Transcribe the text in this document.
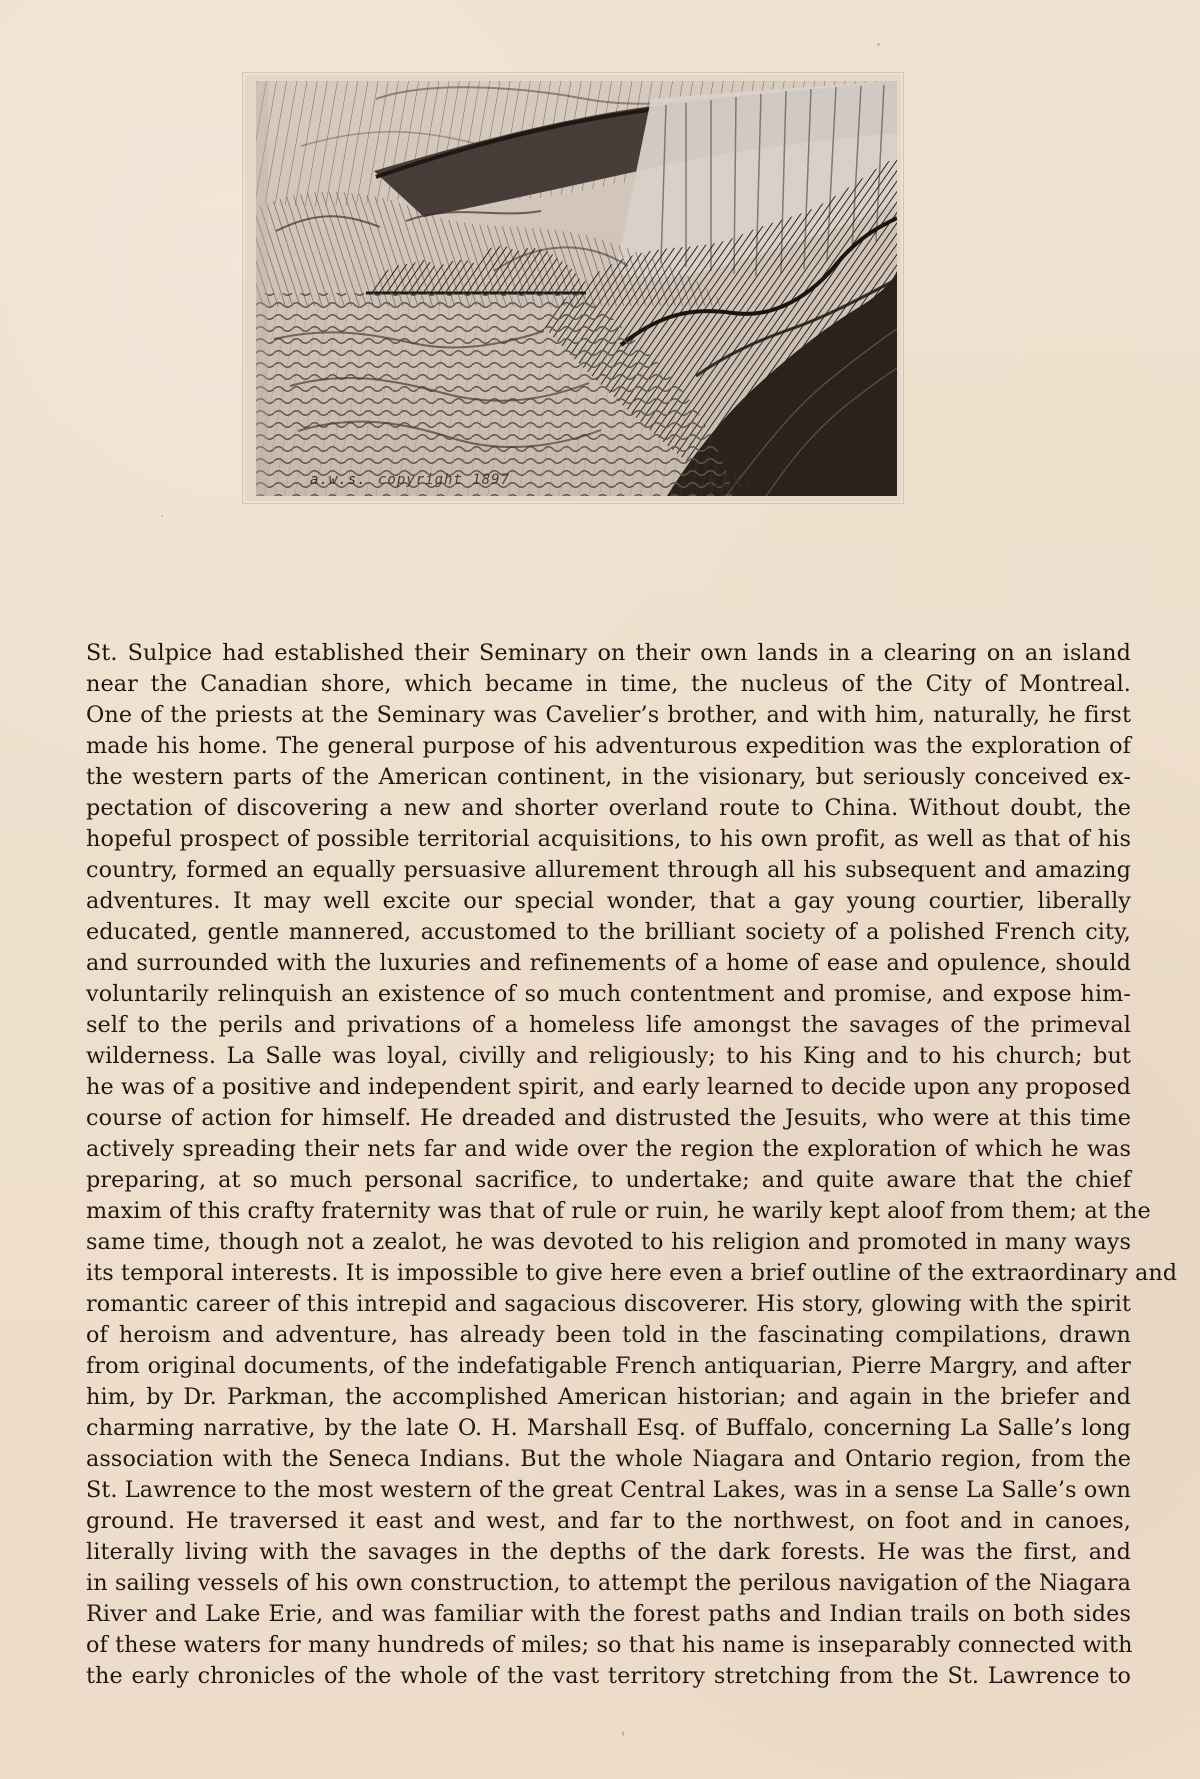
a.w.s. copyright 1897	LIX.
St. Sulpice had established their Seminary on their own lands in a clearing on an island
near the Canadian shore, which became in time, the nucleus of the City of Montreal.
One of the priests at the Seminary was Cavelier’s brother, and with him, naturally, he first
made his home. The general purpose of his adventurous expedition was the exploration of
the western parts of the American continent, in the visionary, but seriously conceived ex-
pectation of discovering a new and shorter overland route to China. Without doubt, the
hopeful prospect of possible territorial acquisitions, to his own profit, as well as that of his
country, formed an equally persuasive allurement through all his subsequent and amazing
adventures. It may well excite our special wonder, that a gay young courtier, liberally
educated, gentle mannered, accustomed to the brilliant society of a polished French city,
and surrounded with the luxuries and refinements of a home of ease and opulence, should
voluntarily relinquish an existence of so much contentment and promise, and expose him-
self to the perils and privations of a homeless life amongst the savages of the primeval
wilderness. La Salle was loyal, civilly and religiously; to his King and to his church; but
he was of a positive and independent spirit, and early learned to decide upon any proposed
course of action for himself. He dreaded and distrusted the Jesuits, who were at this time
actively spreading their nets far and wide over the region the exploration of which he was
preparing, at so much personal sacrifice, to undertake; and quite aware that the chief
maxim of this crafty fraternity was that of rule or ruin, he warily kept aloof from them; at the
same time, though not a zealot, he was devoted to his religion and promoted in many ways
its temporal interests. It is impossible to give here even a brief outline of the extraordinary and
romantic career of this intrepid and sagacious discoverer. His story, glowing with the spirit
of heroism and adventure, has already been told in the fascinating compilations, drawn
from original documents, of the indefatigable French antiquarian, Pierre Margry, and after
him, by Dr. Parkman, the accomplished American historian; and again in the briefer and
charming narrative, by the late O. H. Marshall Esq. of Buffalo, concerning La Salle’s long
association with the Seneca Indians. But the whole Niagara and Ontario region, from the
St. Lawrence to the most western of the great Central Lakes, was in a sense La Salle’s own
ground. He traversed it east and west, and far to the northwest, on foot and in canoes,
literally living with the savages in the depths of the dark forests. He was the first, and
in sailing vessels of his own construction, to attempt the perilous navigation of the Niagara
River and Lake Erie, and was familiar with the forest paths and Indian trails on both sides
of these waters for many hundreds of miles; so that his name is inseparably connected with
the early chronicles of the whole of the vast territory stretching from the St. Lawrence to
